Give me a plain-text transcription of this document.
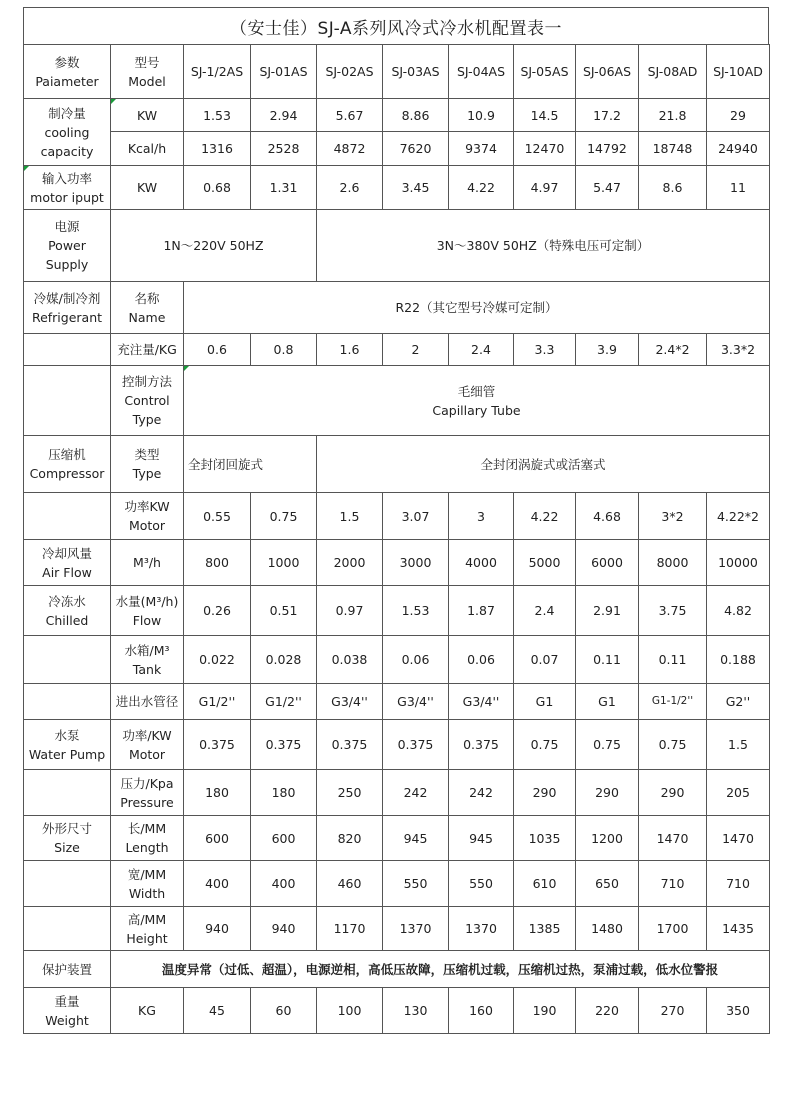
（安士佳）SJ-A系列风冷式冷水机配置表一
参数
Paiameter	型号
Model	SJ-1/2AS	SJ-01AS	SJ-02AS	SJ-03AS	SJ-04AS	SJ-05AS	SJ-06AS	SJ-08AD	SJ-10AD

制冷量
cooling
capacity	KW	1.53	2.94	5.67	8.86	10.9	14.5	17.2	21.8	29
	Kcal/h	1316	2528	4872	7620	9374	12470	14792	18748	24940

输入功率
motor ipupt	KW	0.68	1.31	2.6	3.45	4.22	4.97	5.47	8.6	11

电源
Power
Supply	1N～220V 50HZ			3N～380V 50HZ（特殊电压可定制）						

冷媒/制冷剂
Refrigerant	名称
Name	R22（其它型号冷媒可定制）								
	充注量/KG	0.6	0.8	1.6	2	2.4	3.3	3.9	2.4*2	3.3*2

	控制方法
Control
Type	毛细管
Capillary Tube								

压缩机
Compressor	类型
Type	全封闭回旋式		全封闭涡旋式或活塞式						

	功率KW
Motor	0.55	0.75	1.5	3.07	3	4.22	4.68	3*2	4.22*2

冷却风量
Air Flow	M³/h	800	1000	2000	3000	4000	5000	6000	8000	10000

冷冻水
Chilled	水量(M³/h)
Flow	0.26	0.51	0.97	1.53	1.87	2.4	2.91	3.75	4.82

	水箱/M³
Tank	0.022	0.028	0.038	0.06	0.06	0.07	0.11	0.11	0.188
	进出水管径	G1/2''	G1/2''	G3/4''	G3/4''	G3/4''	G1	G1	G1-1/2''	G2''

水泵
Water Pump	功率/KW
Motor	0.375	0.375	0.375	0.375	0.375	0.75	0.75	0.75	1.5

	压力/Kpa
Pressure	180	180	250	242	242	290	290	290	205

外形尺寸
Size	长/MM
Length	600	600	820	945	945	1035	1200	1470	1470

	宽/MM
Width	400	400	460	550	550	610	650	710	710

	高/MM
Height	940	940	1170	1370	1370	1385	1480	1700	1435
保护装置	温度异常（过低、超温），电源逆相，高低压故障，压缩机过载，压缩机过热，泵浦过载，低水位警报									

重量
Weight	KG	45	60	100	130	160	190	220	270	350
